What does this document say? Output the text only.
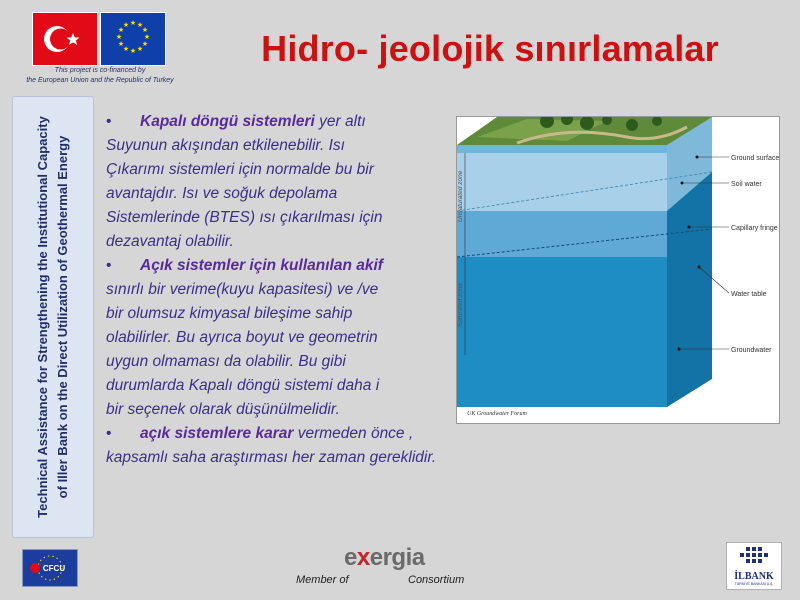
★ ★
★
★
★
★
★
★
★
★
★
★
This project is co-financed by
the European Union and the Republic of Turkey
Hidro- jeolojik sınırlamalar
Technical Assistance for Strengthening the Institutional Capacity of Iller Bank on the Direct Utilization of Geothermal Energy
• Kapalı döngü sistemleri yer altı
Suyunun akışından etkilenebilir. Isı
Çıkarımı sistemleri için normalde bu bir
avantajdır. Isı ve soğuk depolama
Sistemlerinde (BTES) ısı çıkarılması için
dezavantaj olabilir.
• Açık sistemler için kullanılan akif
sınırlı bir verime(kuyu kapasitesi) ve /ve
bir olumsuz kimyasal bileşime sahip
olabilirler. Bu ayrıca boyut ve geometrin
uygun olmaması da olabilir. Bu gibi
durumlarda Kapalı döngü sistemi daha i
bir seçenek olarak düşünülmelidir.
• açık sistemlere karar vermeden önce ,
kapsamlı saha araştırması her zaman gereklidir.
Unsaturated zone
Saturated zone
Ground surface
Soil water
Capillary fringe
Water table
Groundwater
UK Groundwater Forum
CFCU	exergia
Member of	Consortium	İLBANK
TÜRKİYE BANKASI A.Ş.
